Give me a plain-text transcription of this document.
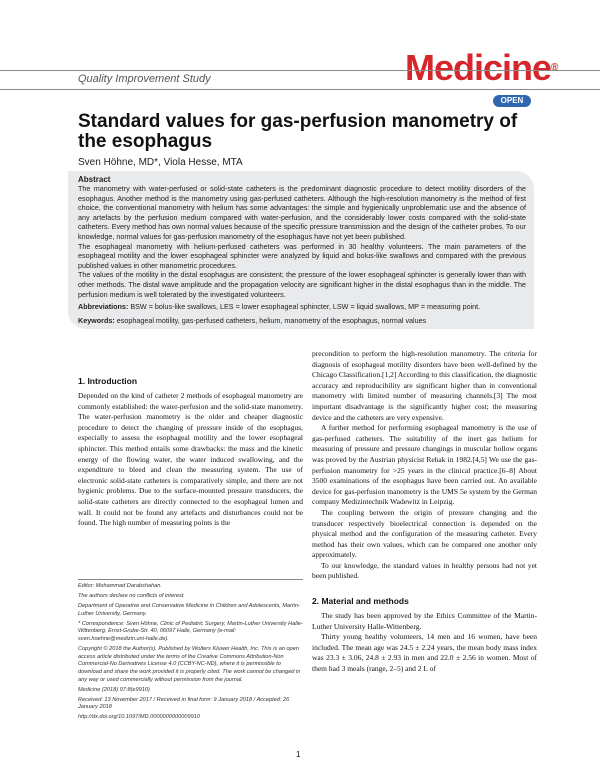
Medicine®
Quality Improvement Study
OPEN
Standard values for gas-perfusion manometry of the esophagus
Sven Höhne, MD*, Viola Hesse, MTA
Abstract

The manometry with water-perfused or solid-state catheters is the predominant diagnostic procedure to detect motility disorders of the esophagus. Another method is the manometry using gas-perfused catheters. Although the high-resolution manometry is the method of first choice, the conventional manometry with helium has some advantages: the simple and hygienically unproblematic use and the absence of any artefacts by the perfusion medium compared with water-perfusion, and the considerably lower costs compared with the solid-state catheters. Every method has own normal values because of the specific pressure transmission and the design of the catheter probes. To our knowledge, normal values for gas-perfusion manometry of the esophagus have not yet been published.

The esophageal manometry with helium-perfused catheters was performed in 30 healthy volunteers. The main parameters of the esophageal motility and the lower esophageal sphincter were analyzed by liquid and bolus-like swallows and compared with the previous published values in other manometric procedures.

The values of the motility in the distal esophagus are consistent; the pressure of the lower esophageal sphincter is generally lower than with other methods. The distal wave amplitude and the propagation velocity are significant higher in the distal esophagus than in the middle. The perfusion medium is well tolerated by the investigated volunteers.

Abbreviations: BSW = bolus-like swallows, LES = lower esophageal sphincter, LSW = liquid swallows, MP = measuring point.

Keywords: esophageal motility, gas-perfused catheters, helium, manometry of the esophagus, normal values

1. Introduction

Depended on the kind of catheter 2 methods of esophageal manometry are commonly established: the water-perfusion and the solid-state manometry. The water-perfusion manometry is the older and cheaper diagnostic procedure to detect the changing of pressure inside of the esophagus, especially to assess the esophageal motility and the lower esophageal sphincter. This method entails some drawbacks: the mass and the kinetic energy of the flowing water, the water induced swallowing, and the expenditure to bleed and clean the measuring system. The use of electronic solid-state catheters is comparatively simple, and there are not hygienic problems. Due to the surface-mounted pressure transducers, the solid-state catheters are directly connected to the esophageal lumen and wall. It could not be found any artefacts and disturbances could not be found. The high number of measuring points is the

precondition to perform the high-resolution manometry. The criteria for diagnosis of esophageal motility disorders have been well-defined by the Chicago Classification.[1,2] According to this classification, the diagnostic accuracy and reproducibility are significant higher than in conventional manometry with limited number of measuring channels.[3] The most important disadvantage is the significantly higher cost; the measuring device and the catheters are very expensive.

A further method for performing esophageal manometry is the use of gas-perfused catheters. The suitability of the inert gas helium for measuring of pressure and pressure changings in muscular hollow organs was proved by the Austrian physicist Rehak in 1982.[4,5] We use the gas-perfusion manometry for >25 years in the clinical practice.[6–8] About 3500 examinations of the esophagus have been carried out. An available device for gas-perfusion manometry is the UMS 5e system by the German company Medizintechnik Wadewitz in Leipzig.

The coupling between the origin of pressure changing and the transducer respectively bioelectrical connection is depended on the physical method and the configuration of the measuring catheter. Every method has their own values, which can be compared one another only approximately.

To our knowledge, the standard values in healthy persons had not yet been published.

2. Material and methods

The study has been approved by the Ethics Committee of the Martin-Luther University Halle-Wittenberg.

Thirty young healthy volunteers, 14 men and 16 women, have been included. The mean age was 24.5 ± 2.24 years, the mean body mass index was 23.3 ± 3.06, 24.8 ± 2.93 in men and 22.0 ± 2.56 in women. Most of them had 3 meals (range, 2–5) and 2 L of

Editor: Mohammad Darabshahan.

The authors declare no conflicts of interest.

Department of Operative and Conservative Medicine in Children and Adolescents, Martin-Luther University, Germany.

* Correspondence: Sven Höhne, Clinic of Pediatric Surgery, Martin-Luther University Halle-Wittenberg, Ernst-Grube-Str. 40, 06097 Halle, Germany (e-mail: sven.hoehne@medizin.uni-halle.de).

Copyright © 2018 the Author(s). Published by Wolters Kluwer Health, Inc. This is an open access article distributed under the terms of the Creative Commons Attribution-Non Commercial-No Derivatives License 4.0 (CCBY-NC-ND), where it is permissible to download and share the work provided it is properly cited. The work cannot be changed in any way or used commercially without permission from the journal.

Medicine (2018) 97:8(e9910)

Received: 13 November 2017 / Received in final form: 9 January 2018 / Accepted: 26 January 2018

http://dx.doi.org/10.1097/MD.0000000000009910

1
